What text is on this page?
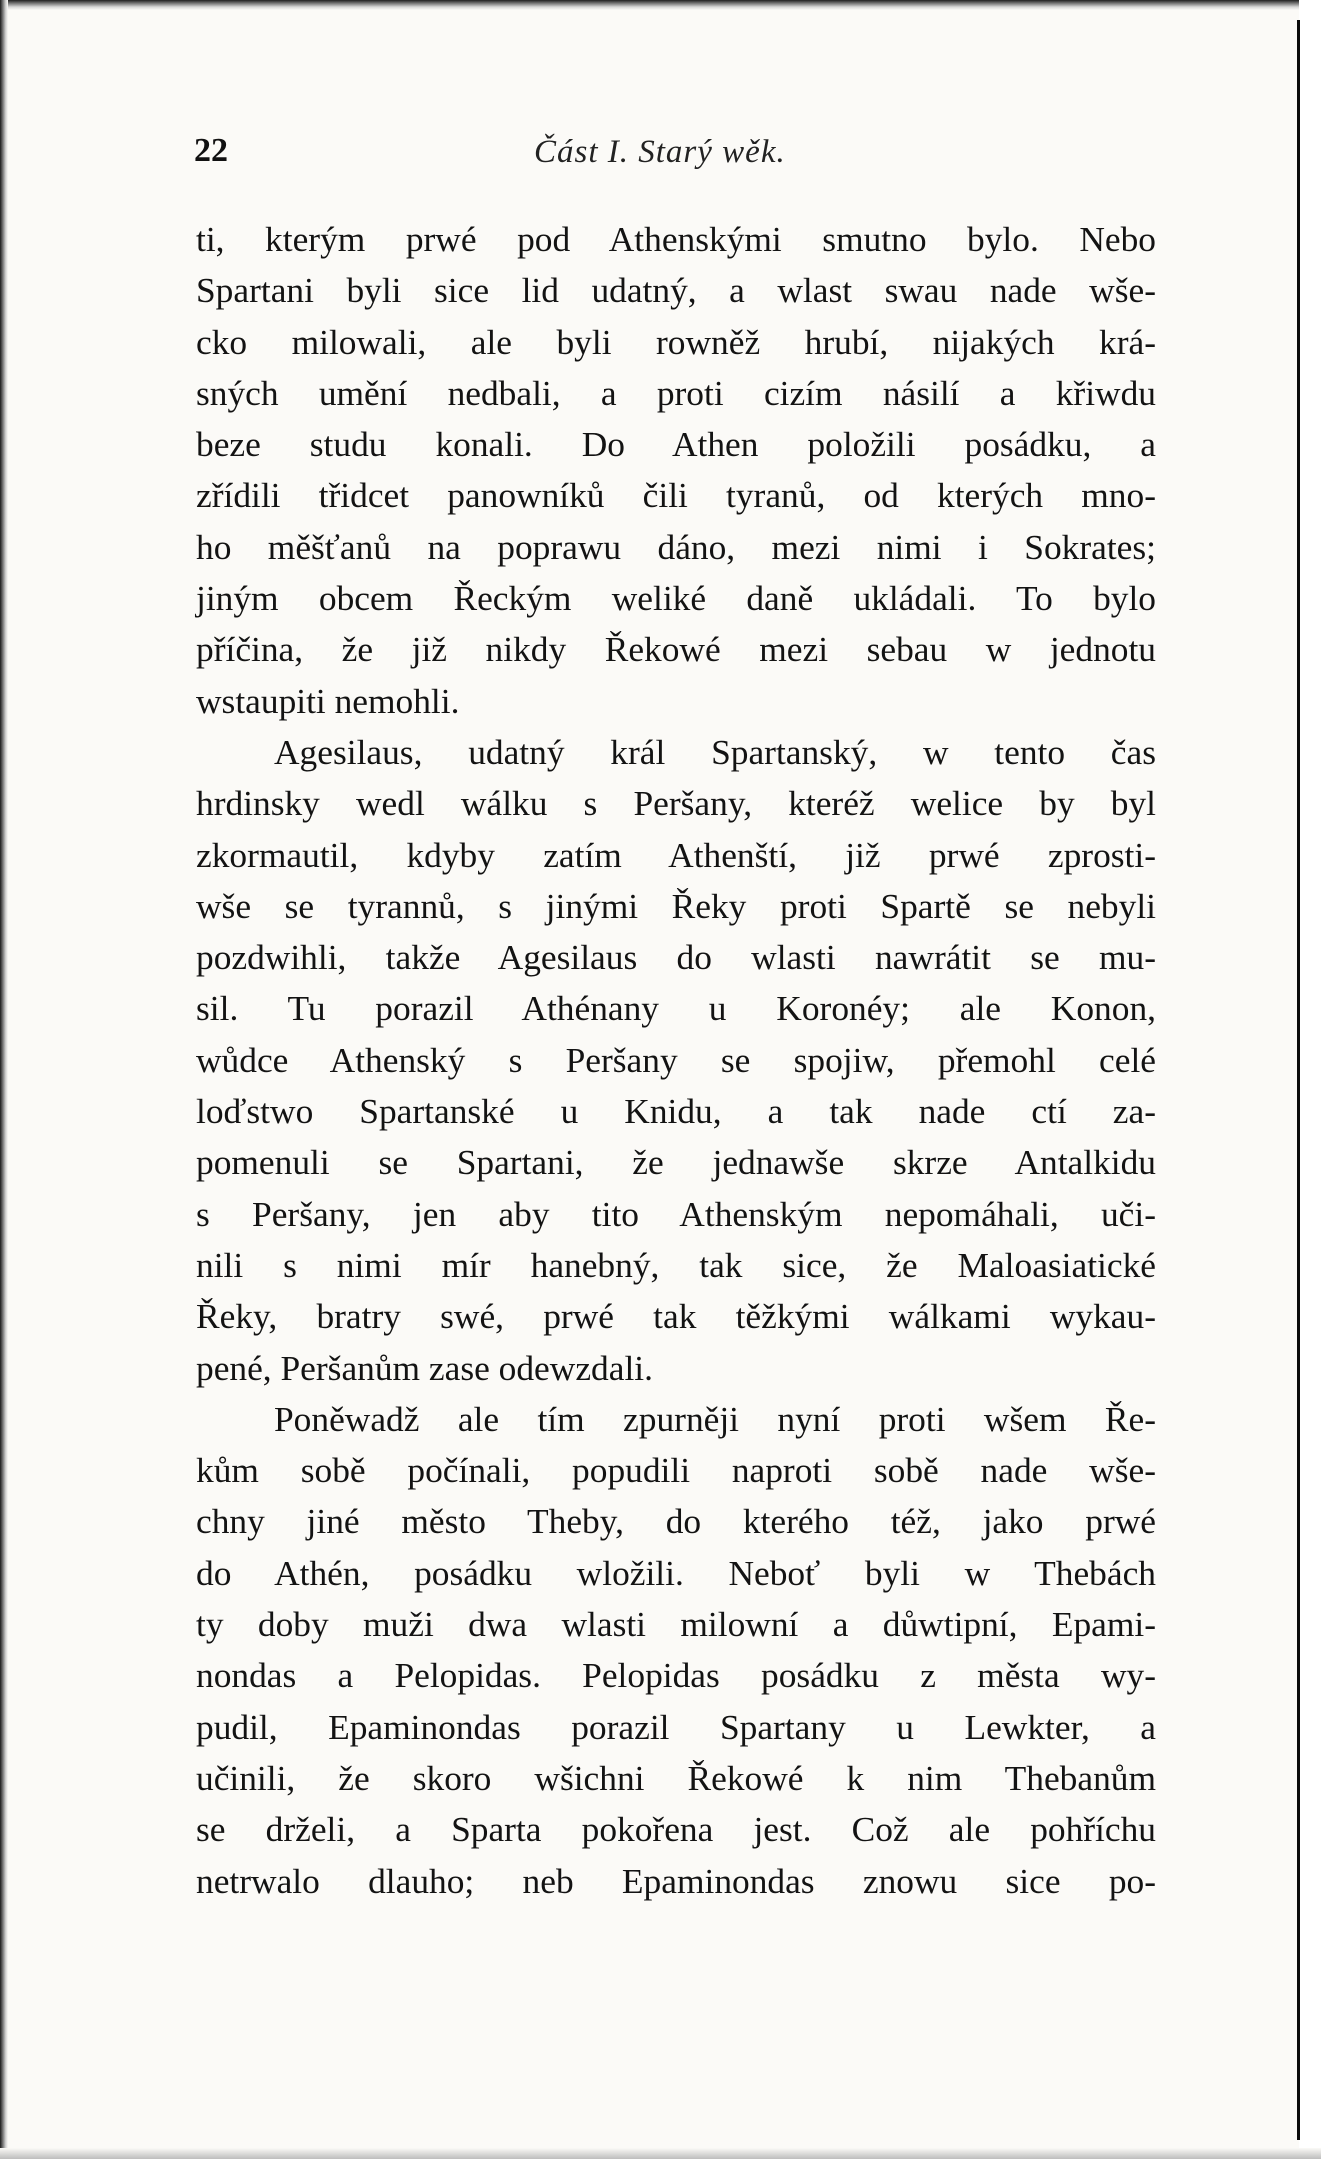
22	Část I. Starý wěk.
ti, kterým prwé pod Athenskými smutno bylo. Nebo
Spartani byli sice lid udatný, a wlast swau nade wše-
cko milowali, ale byli rowněž hrubí, nijakých krá-
sných umění nedbali, a proti cizím násilí a křiwdu
beze studu konali. Do Athen položili posádku, a
zřídili třidcet panowníků čili tyranů, od kterých mno-
ho měšťanů na poprawu dáno, mezi nimi i Sokrates;
jiným obcem Řeckým weliké daně ukládali. To bylo
příčina, že již nikdy Řekowé mezi sebau w jednotu
wstaupiti nemohli.
Agesilaus, udatný král Spartanský, w tento čas
hrdinsky wedl wálku s Peršany, kteréž welice by byl
zkormautil, kdyby zatím Athenští, již prwé zprosti-
wše se tyrannů, s jinými Řeky proti Spartě se nebyli
pozdwihli, takže Agesilaus do wlasti nawrátit se mu-
sil. Tu porazil Athénany u Koronéy; ale Konon,
wůdce Athenský s Peršany se spojiw, přemohl celé
loďstwo Spartanské u Knidu, a tak nade ctí za-
pomenuli se Spartani, že jednawše skrze Antalkidu
s Peršany, jen aby tito Athenským nepomáhali, uči-
nili s nimi mír hanebný, tak sice, že Maloasiatické
Řeky, bratry swé, prwé tak těžkými wálkami wykau-
pené, Peršanům zase odewzdali.
Poněwadž ale tím zpurněji nyní proti wšem Ře-
kům sobě počínali, popudili naproti sobě nade wše-
chny jiné město Theby, do kterého též, jako prwé
do Athén, posádku wložili. Neboť byli w Thebách
ty doby muži dwa wlasti milowní a důwtipní, Epami-
nondas a Pelopidas. Pelopidas posádku z města wy-
pudil, Epaminondas porazil Spartany u Lewkter, a
učinili, že skoro wšichni Řekowé k nim Thebanům
se drželi, a Sparta pokořena jest. Což ale pohříchu
netrwalo dlauho; neb Epaminondas znowu sice po-
